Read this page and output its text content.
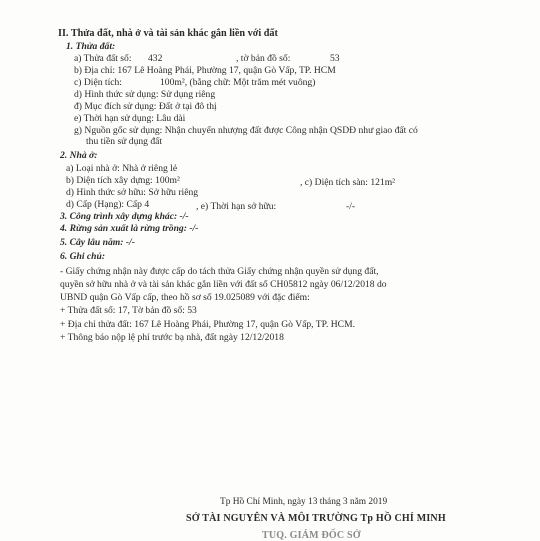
II. Thửa đất, nhà ở và tài sản khác gắn liền với đất
1. Thửa đất:
a) Thửa đất số: 432	, tờ bản đồ số:	53
b) Địa chỉ: 167 Lê Hoàng Phái, Phường 17, quận Gò Vấp, TP. HCM
c) Diện tích:	100m², (bằng chữ: Một trăm mét vuông)
d) Hình thức sử dụng: Sử dụng riêng
đ) Mục đích sử dụng: Đất ở tại đô thị
e) Thời hạn sử dụng: Lâu dài
g) Nguồn gốc sử dụng: Nhận chuyển nhượng đất được Công nhận QSDĐ như giao đất có
thu tiền sử dụng đất
2. Nhà ở:
a) Loại nhà ở: Nhà ở riêng lẻ
b) Diện tích xây dựng: 100m²	, c) Diện tích sàn: 121m²
d) Hình thức sở hữu: Sở hữu riêng
d) Cấp (Hạng): Cấp 4	, e) Thời hạn sở hữu:	-/-
3. Công trình xây dựng khác: -/-
4. Rừng sản xuất là rừng trồng: -/-
5. Cây lâu năm: -/-
6. Ghi chú:
- Giấy chứng nhận này được cấp do tách thửa Giấy chứng nhận quyền sử dụng đất,
quyền sở hữu nhà ở và tài sản khác gắn liền với đất số CH05812 ngày 06/12/2018 do
UBND quận Gò Vấp cấp, theo hồ sơ số 19.025089 với đặc điểm:
+ Thửa đất số: 17, Tờ bản đồ số: 53
+ Địa chỉ thửa đất: 167 Lê Hoàng Phái, Phường 17, quận Gò Vấp, TP. HCM.
+ Thông báo nộp lệ phí trước bạ nhà, đất ngày 12/12/2018
Tp Hồ Chí Minh, ngày 13 tháng 3 năm 2019
SỞ TÀI NGUYÊN VÀ MÔI TRƯỜNG Tp HỒ CHÍ MINH
TUQ. GIÁM ĐỐC SỞ
